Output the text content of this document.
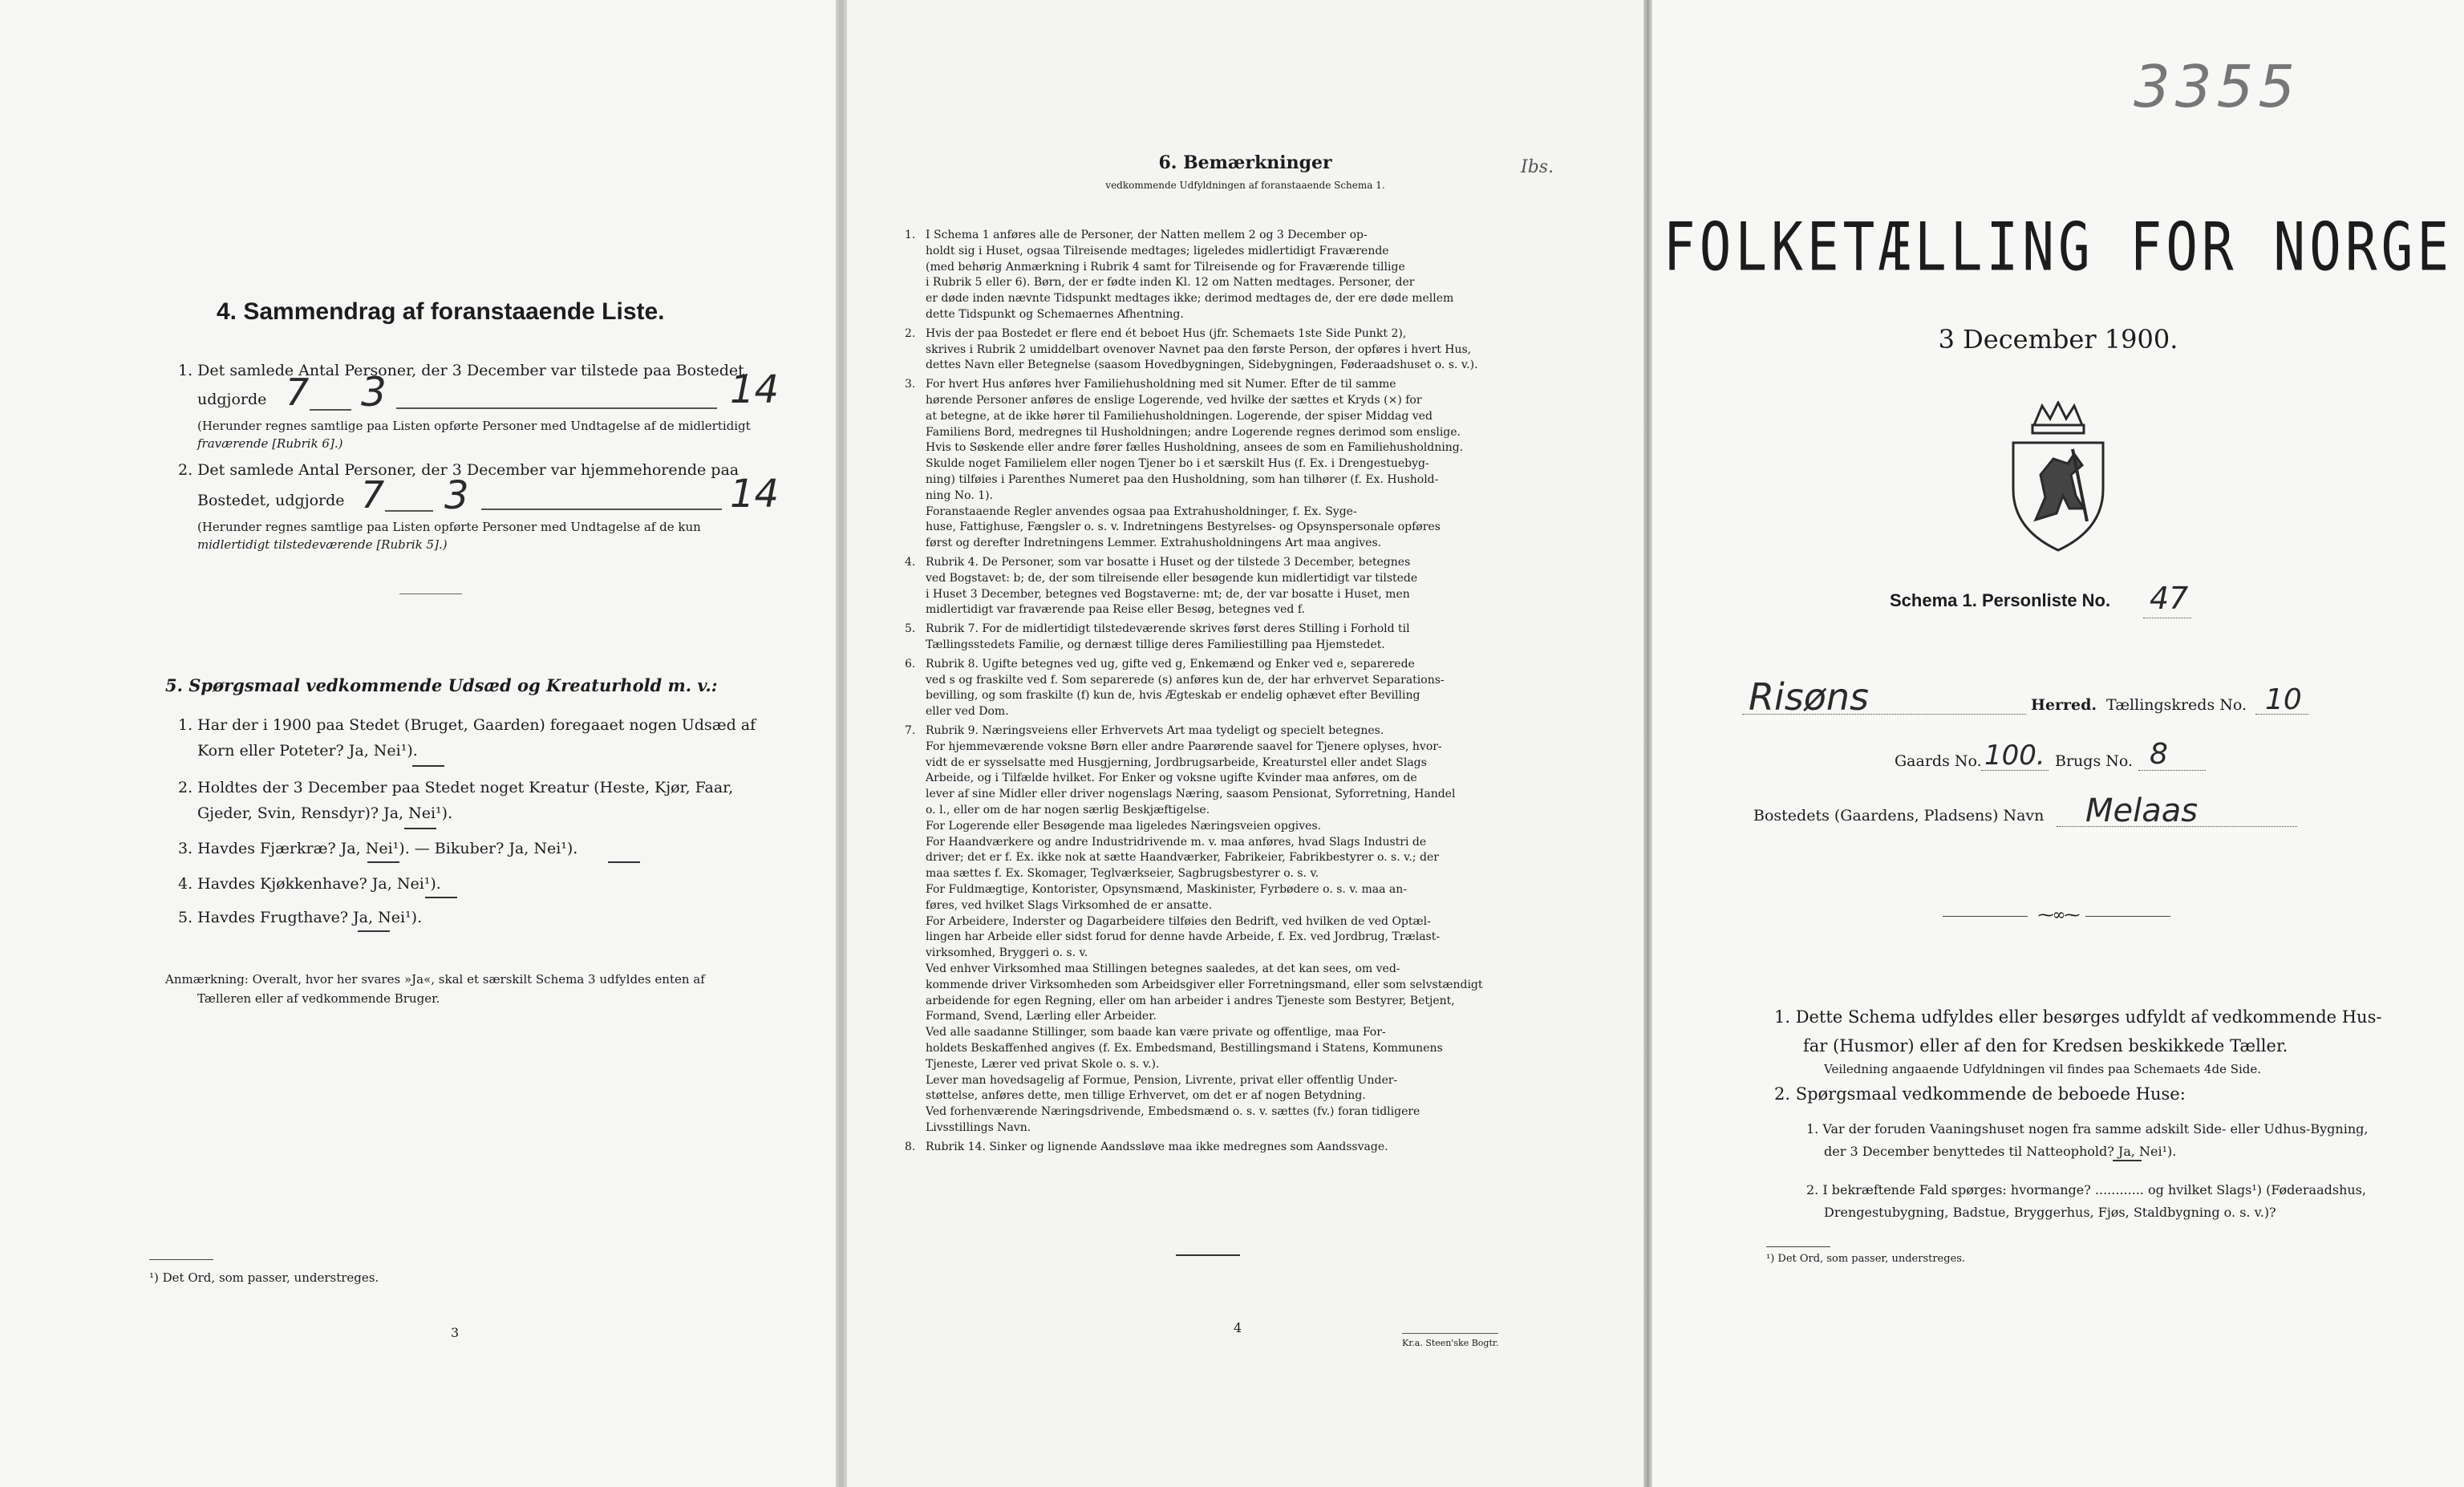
4. Sammendrag af foranstaaende Liste.
1. Det samlede Antal Personer, der 3 December var tilstede paa Bostedet,
udgjorde 7 3	14
(Herunder regnes samtlige paa Listen opførte Personer med Undtagelse af de midlertidigt
fraværende [Rubrik 6].)
2. Det samlede Antal Personer, der 3 December var hjemmehorende paa
Bostedet, udgjorde 7 3	14
(Herunder regnes samtlige paa Listen opførte Personer med Undtagelse af de kun
midlertidigt tilstedeværende [Rubrik 5].)
5. Spørgsmaal vedkommende Udsæd og Kreaturhold m. v.:
1. Har der i 1900 paa Stedet (Bruget, Gaarden) foregaaet nogen Udsæd af
Korn eller Poteter? Ja, Nei¹).
2. Holdtes der 3 December paa Stedet noget Kreatur (Heste, Kjør, Faar,
Gjeder, Svin, Rensdyr)? Ja, Nei¹).
3. Havdes Fjærkræ? Ja, Nei¹). — Bikuber? Ja, Nei¹).
4. Havdes Kjøkkenhave? Ja, Nei¹).
5. Havdes Frugthave? Ja, Nei¹).
Anmærkning: Overalt, hvor her svares »Ja«, skal et særskilt Schema 3 udfyldes enten af
Tælleren eller af vedkommende Bruger.
¹) Det Ord, som passer, understreges.
3
6. Bemærkninger
vedkommende Udfyldningen af foranstaaende Schema 1.
Ibs.
4
Kr.a. Steen'ske Bogtr.
1. I Schema 1 anføres alle de Personer, der Natten mellem 2 og 3 December op-
holdt sig i Huset, ogsaa Tilreisende medtages; ligeledes midlertidigt Fraværende
(med behørig Anmærkning i Rubrik 4 samt for Tilreisende og for Fraværende tillige
i Rubrik 5 eller 6). Børn, der er fødte inden Kl. 12 om Natten medtages. Personer, der
er døde inden nævnte Tidspunkt medtages ikke; derimod medtages de, der ere døde mellem
dette Tidspunkt og Schemaernes Afhentning.
2. Hvis der paa Bostedet er flere end ét beboet Hus (jfr. Schemaets 1ste Side Punkt 2),
skrives i Rubrik 2 umiddelbart ovenover Navnet paa den første Person, der opføres i hvert Hus,
dettes Navn eller Betegnelse (saasom Hovedbygningen, Sidebygningen, Føderaadshuset o. s. v.).
3. For hvert Hus anføres hver Familiehusholdning med sit Numer. Efter de til samme
hørende Personer anføres de enslige Logerende, ved hvilke der sættes et Kryds (×) for
at betegne, at de ikke hører til Familiehusholdningen. Logerende, der spiser Middag ved
Familiens Bord, medregnes til Husholdningen; andre Logerende regnes derimod som enslige.
Hvis to Søskende eller andre fører fælles Husholdning, ansees de som en Familiehusholdning.
Skulde noget Familielem eller nogen Tjener bo i et særskilt Hus (f. Ex. i Drengestuebyg-
ning) tilføies i Parenthes Numeret paa den Husholdning, som han tilhører (f. Ex. Hushold-
ning No. 1).
Foranstaaende Regler anvendes ogsaa paa Extrahusholdninger, f. Ex. Syge-
huse, Fattighuse, Fængsler o. s. v. Indretningens Bestyrelses- og Opsynspersonale opføres
først og derefter Indretningens Lemmer. Extrahusholdningens Art maa angives.
4. Rubrik 4. De Personer, som var bosatte i Huset og der tilstede 3 December, betegnes
ved Bogstavet: b; de, der som tilreisende eller besøgende kun midlertidigt var tilstede
i Huset 3 December, betegnes ved Bogstaverne: mt; de, der var bosatte i Huset, men
midlertidigt var fraværende paa Reise eller Besøg, betegnes ved f.
5. Rubrik 7. For de midlertidigt tilstedeværende skrives først deres Stilling i Forhold til
Tællingsstedets Familie, og dernæst tillige deres Familiestilling paa Hjemstedet.
6. Rubrik 8. Ugifte betegnes ved ug, gifte ved g, Enkemænd og Enker ved e, separerede
ved s og fraskilte ved f. Som separerede (s) anføres kun de, der har erhvervet Separations-
bevilling, og som fraskilte (f) kun de, hvis Ægteskab er endelig ophævet efter Bevilling
eller ved Dom.
7. Rubrik 9. Næringsveiens eller Erhvervets Art maa tydeligt og specielt betegnes.
For hjemmeværende voksne Børn eller andre Paarørende saavel for Tjenere oplyses, hvor-
vidt de er sysselsatte med Husgjerning, Jordbrugsarbeide, Kreaturstel eller andet Slags
Arbeide, og i Tilfælde hvilket. For Enker og voksne ugifte Kvinder maa anføres, om de
lever af sine Midler eller driver nogenslags Næring, saasom Pensionat, Syforretning, Handel
o. l., eller om de har nogen særlig Beskjæftigelse.
For Logerende eller Besøgende maa ligeledes Næringsveien opgives.
For Haandværkere og andre Industridrivende m. v. maa anføres, hvad Slags Industri de
driver; det er f. Ex. ikke nok at sætte Haandværker, Fabrikeier, Fabrikbestyrer o. s. v.; der
maa sættes f. Ex. Skomager, Teglværkseier, Sagbrugsbestyrer o. s. v.
For Fuldmægtige, Kontorister, Opsynsmænd, Maskinister, Fyrbødere o. s. v. maa an-
føres, ved hvilket Slags Virksomhed de er ansatte.
For Arbeidere, Inderster og Dagarbeidere tilføies den Bedrift, ved hvilken de ved Optæl-
lingen har Arbeide eller sidst forud for denne havde Arbeide, f. Ex. ved Jordbrug, Trælast-
virksomhed, Bryggeri o. s. v.
Ved enhver Virksomhed maa Stillingen betegnes saaledes, at det kan sees, om ved-
kommende driver Virksomheden som Arbeidsgiver eller Forretningsmand, eller som selvstændigt
arbeidende for egen Regning, eller om han arbeider i andres Tjeneste som Bestyrer, Betjent,
Formand, Svend, Lærling eller Arbeider.
Ved alle saadanne Stillinger, som baade kan være private og offentlige, maa For-
holdets Beskaffenhed angives (f. Ex. Embedsmand, Bestillingsmand i Statens, Kommunens
Tjeneste, Lærer ved privat Skole o. s. v.).
Lever man hovedsagelig af Formue, Pension, Livrente, privat eller offentlig Under-
støttelse, anføres dette, men tillige Erhvervet, om det er af nogen Betydning.
Ved forhenværende Næringsdrivende, Embedsmænd o. s. v. sættes (fv.) foran tidligere
Livsstillings Navn.
8. Rubrik 14. Sinker og lignende Aandssløve maa ikke medregnes som Aandssvage.
3355
FOLKETÆLLING FOR NORGE
3 December 1900.
Schema 1. Personliste No. 47
Risøns	Herred. Tællingskreds No. 10
Gaards No. 100. Brugs No. 8
Bostedets (Gaardens, Pladsens) Navn Melaas
⁓∞⁓
1. Dette Schema udfyldes eller besørges udfyldt af vedkommende Hus-
far (Husmor) eller af den for Kredsen beskikkede Tæller.
Veiledning angaaende Udfyldningen vil findes paa Schemaets 4de Side.
2. Spørgsmaal vedkommende de beboede Huse:
1. Var der foruden Vaaningshuset nogen fra samme adskilt Side- eller Udhus-Bygning,
der 3 December benyttedes til Natteophold? Ja, Nei¹).
2. I bekræftende Fald spørges: hvormange? ............ og hvilket Slags¹) (Føderaadshus,
Drengestubygning, Badstue, Bryggerhus, Fjøs, Staldbygning o. s. v.)?
¹) Det Ord, som passer, understreges.
